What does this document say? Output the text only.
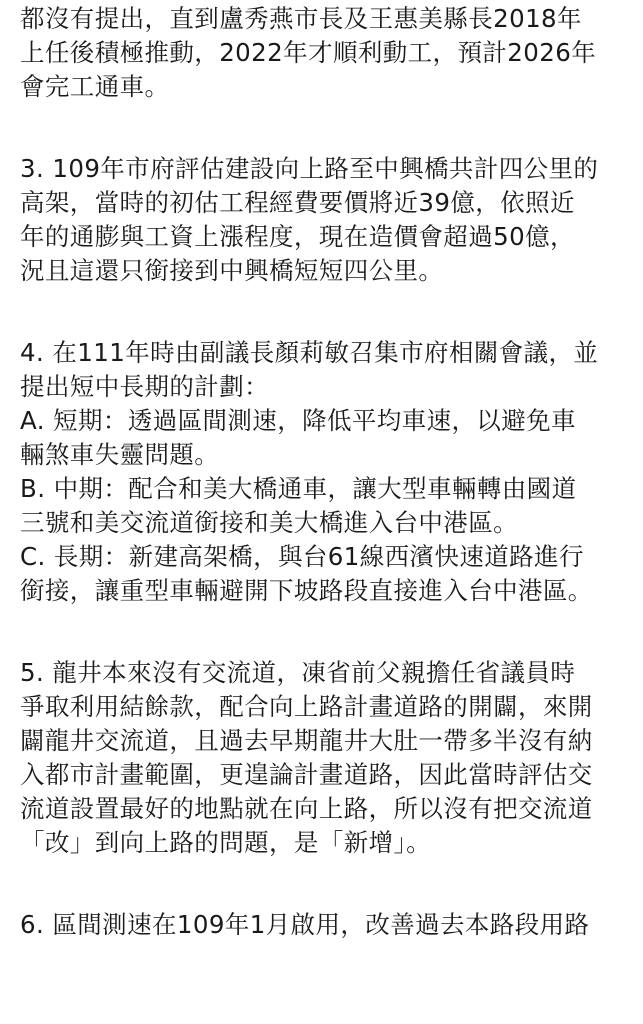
都沒有提出，直到盧秀燕市長及王惠美縣長2018年
上任後積極推動，2022年才順利動工，預計2026年
會完工通車。
3. 109年市府評估建設向上路至中興橋共計四公里的
高架，當時的初估工程經費要價將近39億，依照近
年的通膨與工資上漲程度，現在造價會超過50億，
況且這還只銜接到中興橋短短四公里。
4. 在111年時由副議長顏莉敏召集市府相關會議，並
提出短中長期的計劃：
A. 短期：透過區間測速，降低平均車速，以避免車
輛煞車失靈問題。
B. 中期：配合和美大橋通車，讓大型車輛轉由國道
三號和美交流道銜接和美大橋進入台中港區。
C. 長期：新建高架橋，與台61線西濱快速道路進行
銜接，讓重型車輛避開下坡路段直接進入台中港區。
5. 龍井本來沒有交流道，凍省前父親擔任省議員時
爭取利用結餘款，配合向上路計畫道路的開闢，來開
闢龍井交流道，且過去早期龍井大肚一帶多半沒有納
入都市計畫範圍，更遑論計畫道路，因此當時評估交
流道設置最好的地點就在向上路，所以沒有把交流道
「改」到向上路的問題，是「新增」。
6. 區間測速在109年1月啟用，改善過去本路段用路
